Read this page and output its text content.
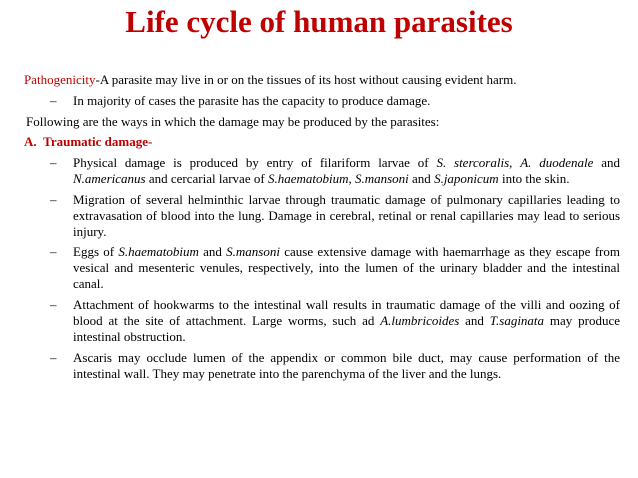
Life cycle of human parasites
Pathogenicity-A parasite may live in or on the tissues of its host without causing evident harm.
– In majority of cases the parasite has the capacity to produce damage.
Following are the ways in which the damage may be produced by the parasites:
A. Traumatic damage-
– Physical damage is produced by entry of filariform larvae of S. stercoralis, A. duodenale and N.americanus and cercarial larvae of S.haematobium, S.mansoni and S.japonicum into the skin.
– Migration of several helminthic larvae through traumatic damage of pulmonary capillaries leading to extravasation of blood into the lung. Damage in cerebral, retinal or renal capillaries may lead to serious injury.
– Eggs of S.haematobium and S.mansoni cause extensive damage with haemarrhage as they escape from vesical and mesenteric venules, respectively, into the lumen of the urinary bladder and the intestinal canal.
– Attachment of hookwarms to the intestinal wall results in traumatic damage of the villi and oozing of blood at the site of attachment. Large worms, such ad A.lumbricoides and T.saginata may produce intestinal obstruction.
– Ascaris may occlude lumen of the appendix or common bile duct, may cause performation of the intestinal wall. They may penetrate into the parenchyma of the liver and the lungs.
